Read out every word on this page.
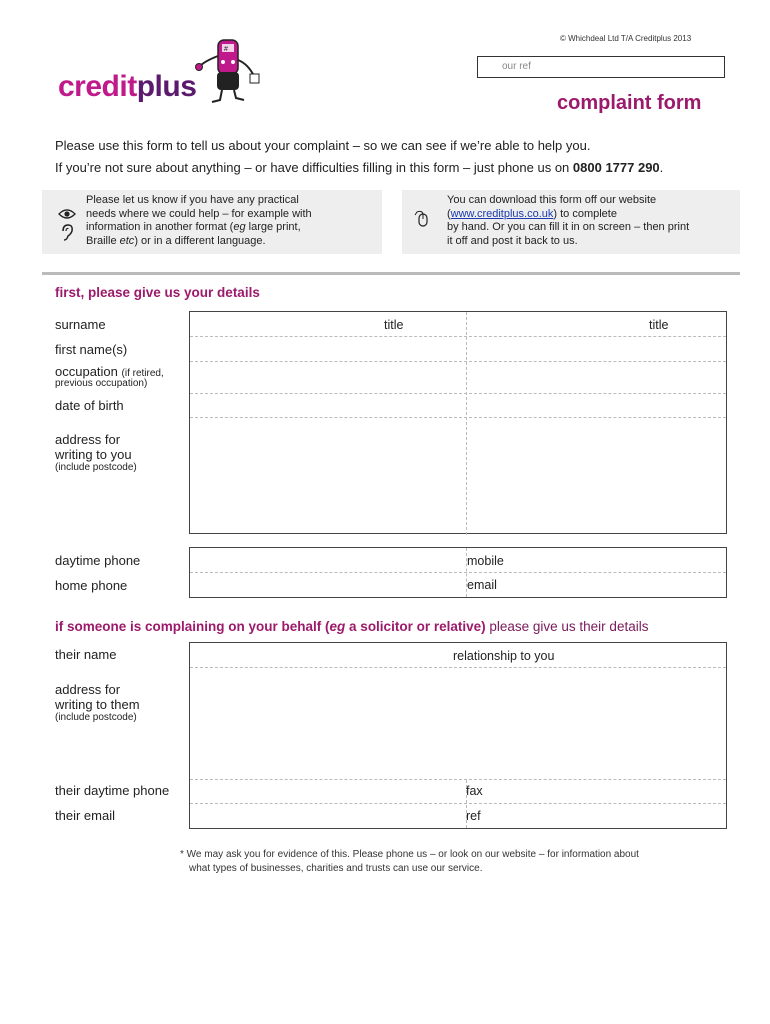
© Whichdeal Ltd T/A Creditplus 2013
our ref
creditplus
#
complaint form
Please use this form to tell us about your complaint – so we can see if we’re able to help you.
If you’re not sure about anything – or have difficulties filling in this form – just phone us on 0800 1777 290.
Please let us know if you have any practical
needs where we could help – for example with
information in another format (eg large print,
Braille etc) or in a different language.
You can download this form off our website
(www.creditplus.co.uk) to complete
by hand. Or you can fill it in on screen – then print
it off and post it back to us.
first, please give us your details
surname
first name(s)
occupation (if retired,
previous occupation)
date of birth
address for
writing to you
(include postcode)
title	title
daytime phone
home phone
mobile
email
if someone is complaining on your behalf (eg a solicitor or relative) please give us their details
their name
address for
writing to them
(include postcode)
their daytime phone
their email
relationship to you
fax
ref
* We may ask you for evidence of this. Please phone us – or look on our website – for information about
what types of businesses, charities and trusts can use our service.
